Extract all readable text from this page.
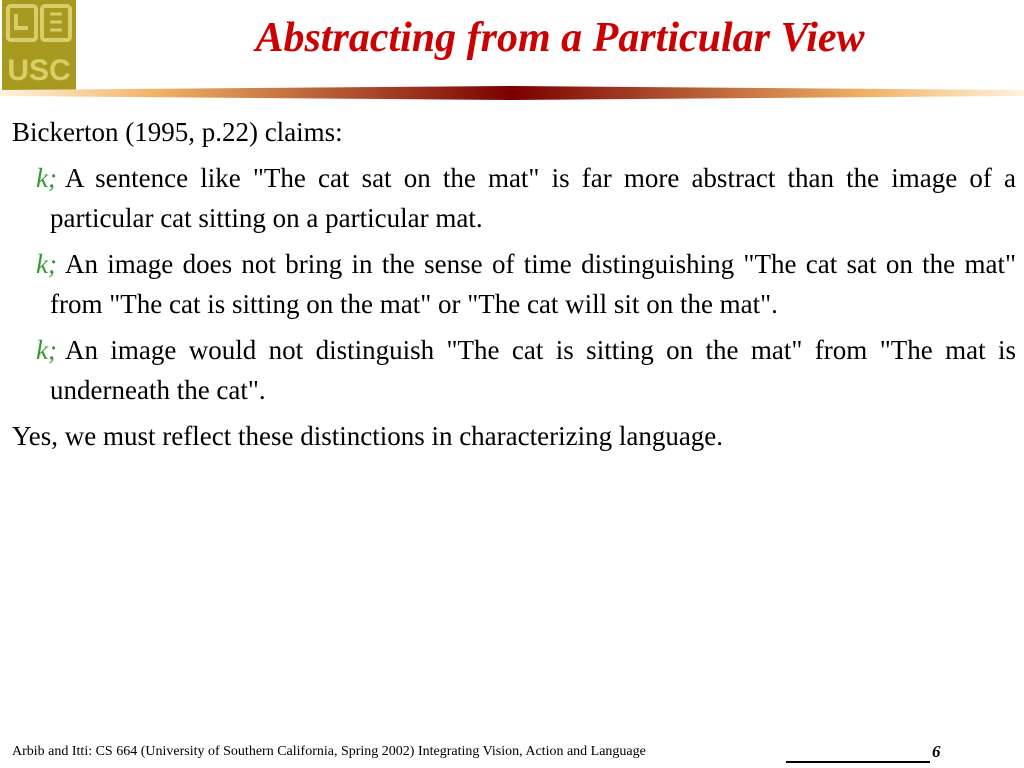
USC
Abstracting from a Particular View

Bickerton (1995, p.22) claims:

k; A sentence like "The cat sat on the mat" is far more abstract than the image of a particular cat sitting on a particular mat.

k; An image does not bring in the sense of time distinguishing "The cat sat on the mat" from "The cat is sitting on the mat" or "The cat will sit on the mat".

k; An image would not distinguish "The cat is sitting on the mat" from "The mat is underneath the cat".

Yes, we must reflect these distinctions in characterizing language.

Arbib and Itti: CS 664 (University of Southern California, Spring 2002) Integrating Vision, Action and Language	6
